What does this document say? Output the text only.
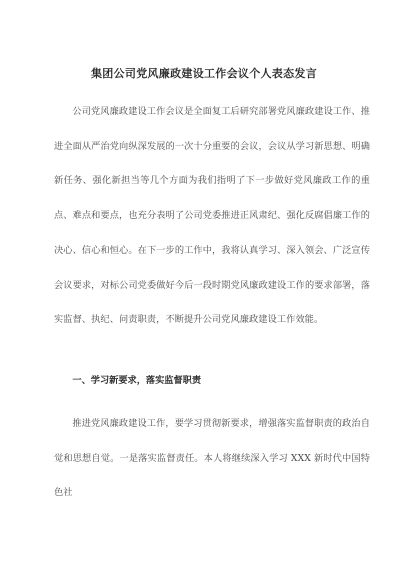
集团公司党风廉政建设工作会议个人表态发言

公司党风廉政建设工作会议是全面复工后研究部署党风廉政建设工作、推进全面从严治党向纵深发展的一次十分重要的会议，会议从学习新思想、明确新任务、强化新担当等几个方面为我们指明了下一步做好党风廉政工作的重点、难点和要点，也充分表明了公司党委推进正风肃纪、强化反腐倡廉工作的决心、信心和恒心。在下一步的工作中，我将认真学习、深入领会、广泛宣传会议要求，对标公司党委做好今后一段时期党风廉政建设工作的要求部署，落实监督、执纪、问责职责，不断提升公司党风廉政建设工作效能。

一、学习新要求，落实监督职责

推进党风廉政建设工作，要学习贯彻新要求，增强落实监督职责的政治自觉和思想自觉。一是落实监督责任。本人将继续深入学习 XXX 新时代中国特色社
